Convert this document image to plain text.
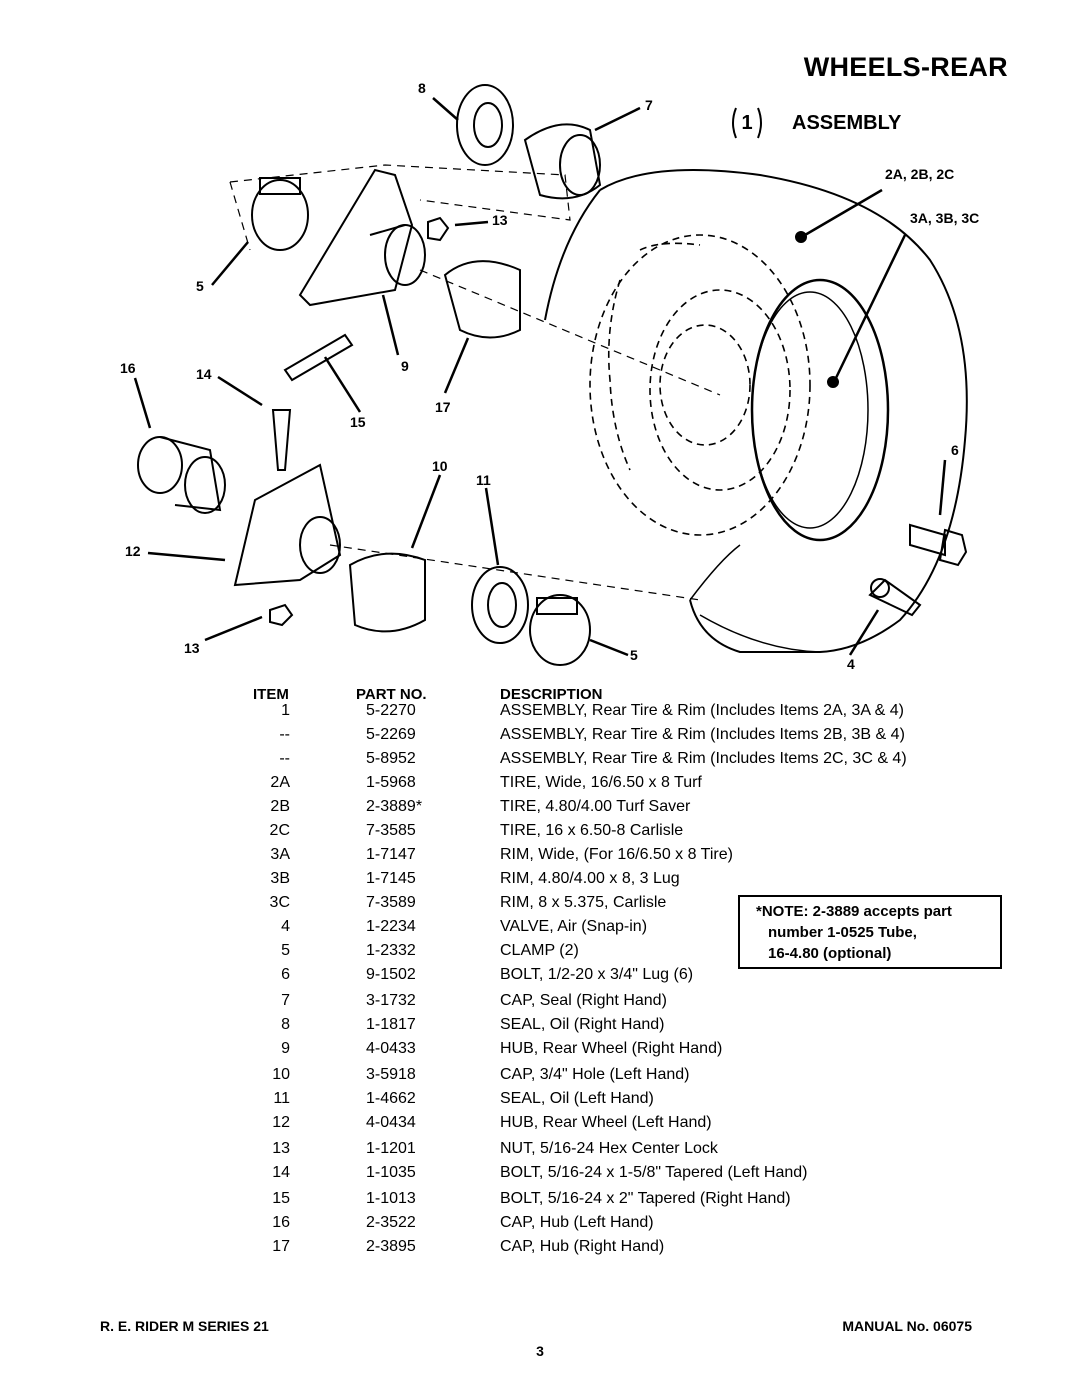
WHEELS-REAR
1	ASSEMBLY
8
7
13
5
16	14	9
17
15
10
11
6
12
13	5
4
2A, 2B, 2C
3A, 3B, 3C
ITEM	PART NO.	DESCRIPTION
1	5-2270	ASSEMBLY, Rear Tire & Rim (Includes Items 2A, 3A & 4)
--	5-2269	ASSEMBLY, Rear Tire & Rim (Includes Items 2B, 3B & 4)
--	5-8952	ASSEMBLY, Rear Tire & Rim (Includes Items 2C, 3C & 4)
2A	1-5968	TIRE, Wide, 16/6.50 x 8 Turf
2B	2-3889*	TIRE, 4.80/4.00 Turf Saver
2C	7-3585	TIRE, 16 x 6.50-8 Carlisle
3A	1-7147	RIM, Wide, (For 16/6.50 x 8 Tire)
3B	1-7145	RIM, 4.80/4.00 x 8, 3 Lug
3C	7-3589	RIM, 8 x 5.375, Carlisle
4	1-2234	VALVE, Air (Snap-in)
5	1-2332	CLAMP (2)
6	9-1502	BOLT, 1/2-20 x 3/4" Lug (6)
7	3-1732	CAP, Seal (Right Hand)
8	1-1817	SEAL, Oil (Right Hand)
9	4-0433	HUB, Rear Wheel (Right Hand)
10	3-5918	CAP, 3/4" Hole (Left Hand)
11	1-4662	SEAL, Oil (Left Hand)
12	4-0434	HUB, Rear Wheel (Left Hand)
13	1-1201	NUT, 5/16-24 Hex Center Lock
14	1-1035	BOLT, 5/16-24 x 1-5/8" Tapered (Left Hand)
15	1-1013	BOLT, 5/16-24 x 2" Tapered (Right Hand)
16	2-3522	CAP, Hub (Left Hand)
17	2-3895	CAP, Hub (Right Hand)
*NOTE: 2-3889 accepts part
number 1-0525 Tube,
16-4.80 (optional)
R. E. RIDER M SERIES 21	MANUAL No. 06075
3
